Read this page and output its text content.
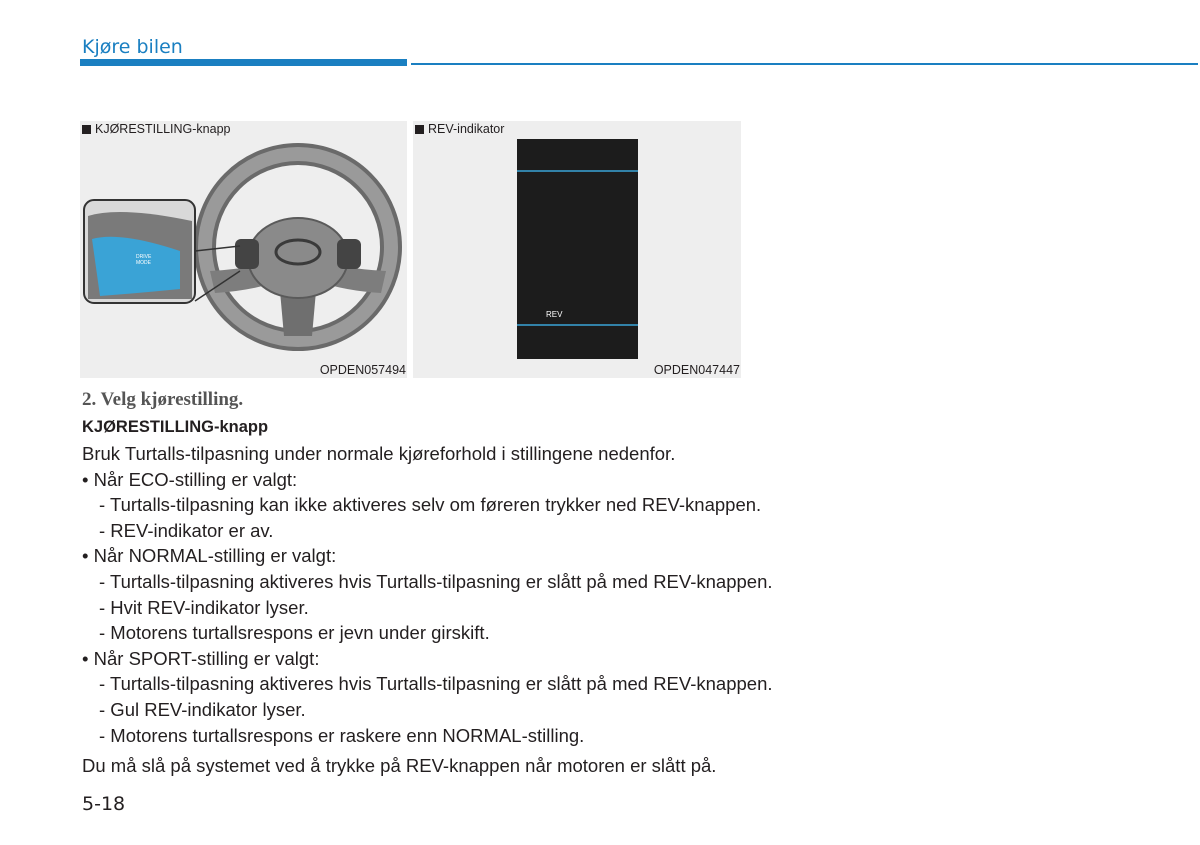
Kjøre bilen
KJØRESTILLING-knapp
DRIVE MODE
OPDEN057494
REV
REV-indikator
OPDEN047447
2. Velg kjørestilling.
KJØRESTILLING-knapp
Bruk Turtalls-tilpasning under normale kjøreforhold i stillingene nedenfor.
• Når ECO-stilling er valgt:
- Turtalls-tilpasning kan ikke aktiveres selv om føreren trykker ned REV-knappen.
- REV-indikator er av.
• Når NORMAL-stilling er valgt:
- Turtalls-tilpasning aktiveres hvis Turtalls-tilpasning er slått på med REV-knappen.
- Hvit REV-indikator lyser.
- Motorens turtallsrespons er jevn under girskift.
• Når SPORT-stilling er valgt:
- Turtalls-tilpasning aktiveres hvis Turtalls-tilpasning er slått på med REV-knappen.
- Gul REV-indikator lyser.
- Motorens turtallsrespons er raskere enn NORMAL-stilling.
Du må slå på systemet ved å trykke på REV-knappen når motoren er slått på.
5-18
